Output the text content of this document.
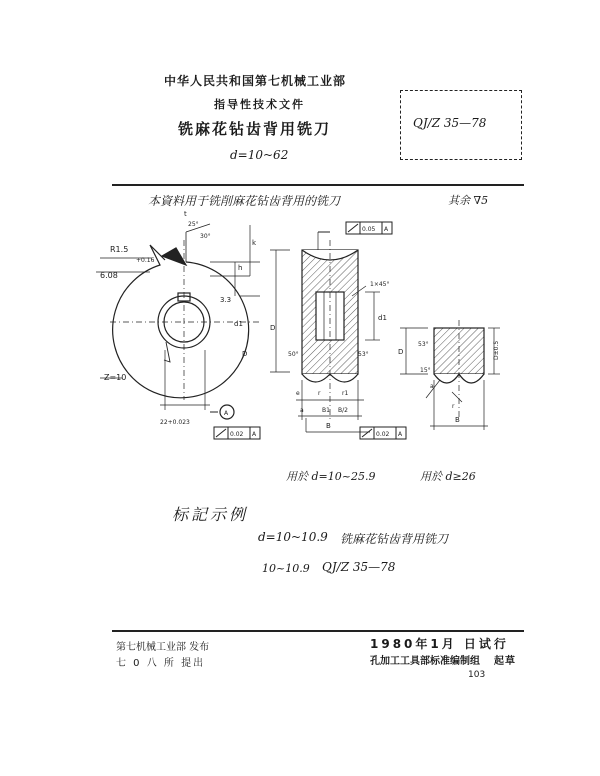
中华人民共和国第七机械工业部
指导性技术文件
铣麻花钻齿背用铣刀
d=10~62
QJ/Z 35—78
本資料用于铣削麻花钻齿背用的铣刀	其余 ∇5
R1.5
6.08
Z=10
+0.16
25°
30°
t
k
h
3.3
d1
D
22+0.023
A
1×45°
d1
D
50°	53°
e
a
r	r1
B1 B/2
B
D	D±0.5
53°
15°
a
r
B
0.02 A
0.05 A
0.02 A
用於 d=10~25.9	用於 d≥26
标記示例
d=10~10.9 铣麻花钻齿背用铣刀
10~10.9 QJ/Z 35—78
第七机械工业部 发布
七 0 八 所 提出
1980年1月 日试行
孔加工工具部标准编制组 起草
103
